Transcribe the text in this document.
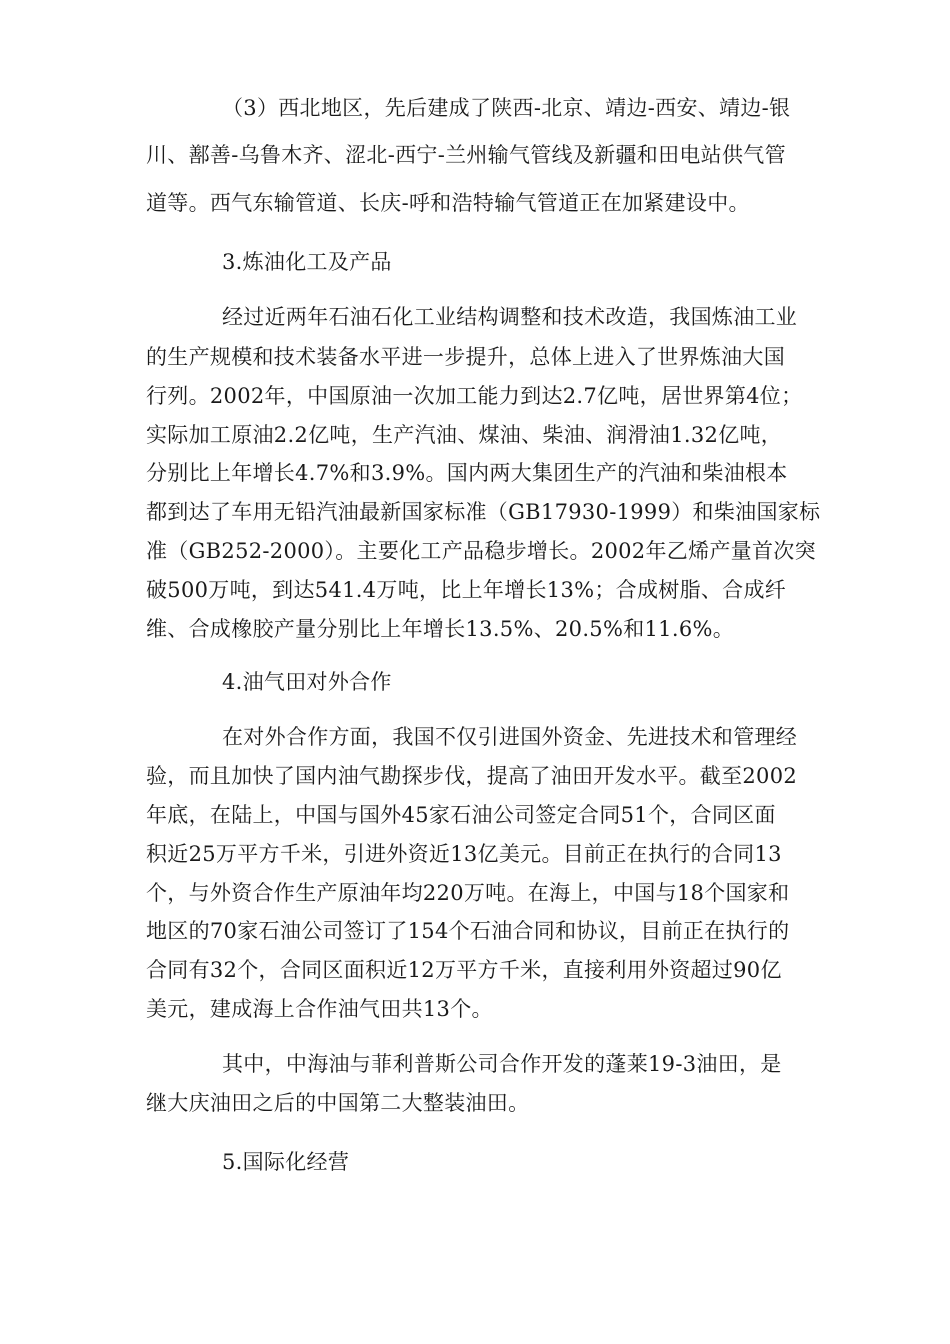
（3）西北地区，先后建成了陕西-北京、靖边-西安、靖边-银
川、鄯善-乌鲁木齐、涩北-西宁-兰州输气管线及新疆和田电站供气管
道等。西气东输管道、长庆-呼和浩特输气管道正在加紧建设中。
3.炼油化工及产品
经过近两年石油石化工业结构调整和技术改造，我国炼油工业
的生产规模和技术装备水平进一步提升，总体上进入了世界炼油大国
行列。2002年，中国原油一次加工能力到达2.7亿吨，居世界第4位；
实际加工原油2.2亿吨，生产汽油、煤油、柴油、润滑油1.32亿吨，
分别比上年增长4.7%和3.9%。国内两大集团生产的汽油和柴油根本
都到达了车用无铅汽油最新国家标准（GB17930-1999）和柴油国家标
准（GB252-2000）。主要化工产品稳步增长。2002年乙烯产量首次突
破500万吨，到达541.4万吨，比上年增长13%；合成树脂、合成纤
维、合成橡胶产量分别比上年增长13.5%、20.5%和11.6%。
4.油气田对外合作
在对外合作方面，我国不仅引进国外资金、先进技术和管理经
验，而且加快了国内油气勘探步伐，提高了油田开发水平。截至2002
年底，在陆上，中国与国外45家石油公司签定合同51个，合同区面
积近25万平方千米，引进外资近13亿美元。目前正在执行的合同13
个，与外资合作生产原油年均220万吨。在海上，中国与18个国家和
地区的70家石油公司签订了154个石油合同和协议，目前正在执行的
合同有32个，合同区面积近12万平方千米，直接利用外资超过90亿
美元，建成海上合作油气田共13个。
其中，中海油与菲利普斯公司合作开发的蓬莱19-3油田，是
继大庆油田之后的中国第二大整装油田。
5.国际化经营
